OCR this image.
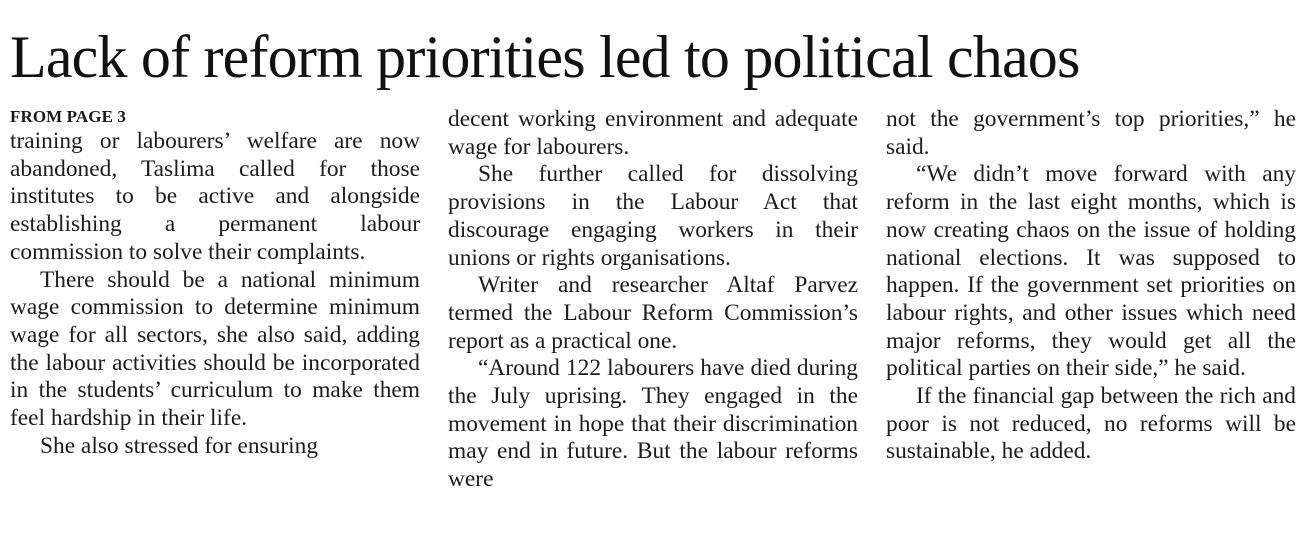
Lack of reform priorities led to political chaos
FROM PAGE 3

training or labourers’ welfare are now abandoned, Taslima called for those institutes to be active and alongside establishing a permanent labour commission to solve their complaints.

There should be a national minimum wage commission to determine minimum wage for all sectors, she also said, adding the labour activities should be incorporated in the students’ curriculum to make them feel hardship in their life.

She also stressed for ensuring

decent working environment and adequate wage for labourers.

She further called for dissolving provisions in the Labour Act that discourage engaging workers in their unions or rights organisations.

Writer and researcher Altaf Parvez termed the Labour Reform Commission’s report as a practical one.

“Around 122 labourers have died during the July uprising. They engaged in the movement in hope that their discrimination may end in future. But the labour reforms were

not the government’s top priorities,” he said.

“We didn’t move forward with any reform in the last eight months, which is now creating chaos on the issue of holding national elections. It was supposed to happen. If the government set priorities on labour rights, and other issues which need major reforms, they would get all the political parties on their side,” he said.

If the financial gap between the rich and poor is not reduced, no reforms will be sustainable, he added.
